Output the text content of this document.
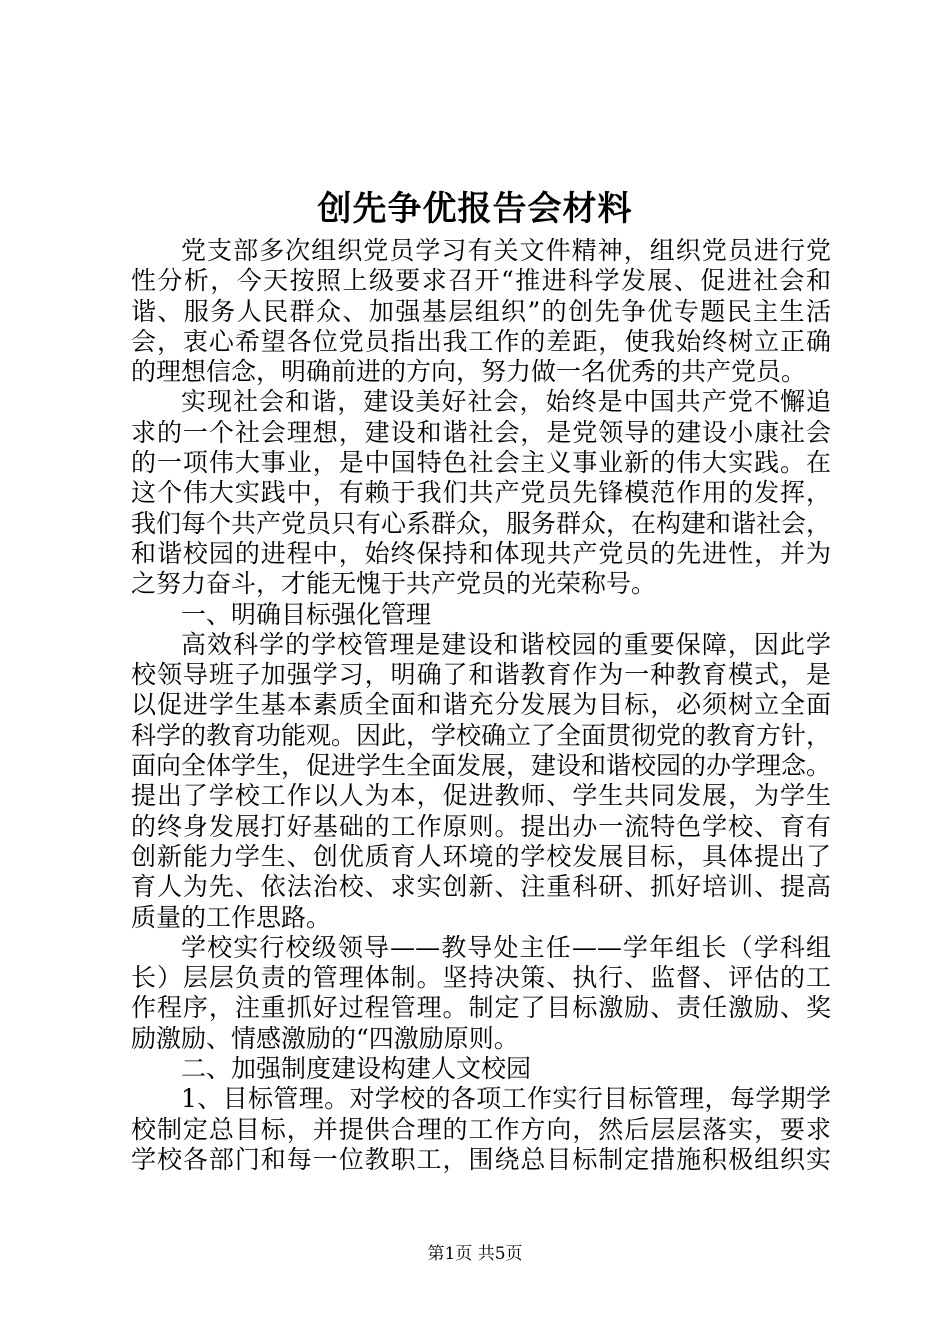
创先争优报告会材料
党支部多次组织党员学习有关文件精神，组织党员进行党
性分析，今天按照上级要求召开“推进科学发展、促进社会和
谐、服务人民群众、加强基层组织”的创先争优专题民主生活
会，衷心希望各位党员指出我工作的差距，使我始终树立正确
的理想信念，明确前进的方向，努力做一名优秀的共产党员。
实现社会和谐，建设美好社会，始终是中国共产党不懈追
求的一个社会理想，建设和谐社会，是党领导的建设小康社会
的一项伟大事业，是中国特色社会主义事业新的伟大实践。在
这个伟大实践中，有赖于我们共产党员先锋模范作用的发挥，
我们每个共产党员只有心系群众，服务群众，在构建和谐社会，
和谐校园的进程中，始终保持和体现共产党员的先进性，并为
之努力奋斗，才能无愧于共产党员的光荣称号。
一、明确目标强化管理
高效科学的学校管理是建设和谐校园的重要保障，因此学
校领导班子加强学习，明确了和谐教育作为一种教育模式，是
以促进学生基本素质全面和谐充分发展为目标，必须树立全面
科学的教育功能观。因此，学校确立了全面贯彻党的教育方针，
面向全体学生，促进学生全面发展，建设和谐校园的办学理念。
提出了学校工作以人为本，促进教师、学生共同发展，为学生
的终身发展打好基础的工作原则。提出办一流特色学校、育有
创新能力学生、创优质育人环境的学校发展目标，具体提出了
育人为先、依法治校、求实创新、注重科研、抓好培训、提高
质量的工作思路。
学校实行校级领导——教导处主任——学年组长（学科组
长）层层负责的管理体制。坚持决策、执行、监督、评估的工
作程序，注重抓好过程管理。制定了目标激励、责任激励、奖
励激励、情感激励的“四激励原则。
二、加强制度建设构建人文校园
1、目标管理。对学校的各项工作实行目标管理，每学期学
校制定总目标，并提供合理的工作方向，然后层层落实，要求
学校各部门和每一位教职工，围绕总目标制定措施积极组织实
第1页 共5页
